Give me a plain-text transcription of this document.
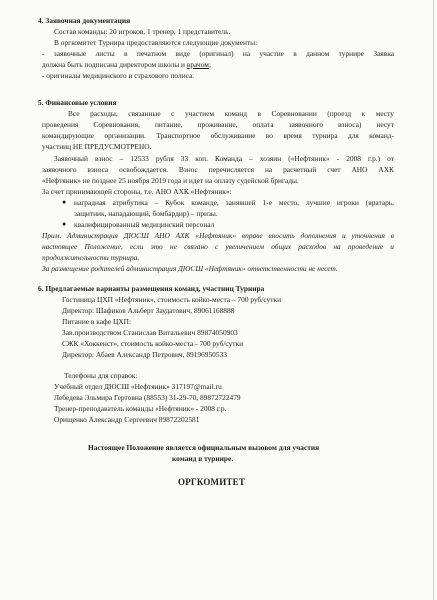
4. Заявочная документация
Состав команды: 20 игроков, 1 тренер, 1 представитель.
В оргкомитет Турнира предоставляются следующие документы:
- заявочные листы в печатном виде (оригинал) на участие в данном турнире Заявка
должна быть подписана директором школы и врачом;
- оригиналы медицинского и страхового полиса.
5. Финансовые условия
Все расходы, связанные с участием команд в Соревновании (проезд к месту
проведения Соревнования, питание, проживание, оплата заявочного взноса) несут
командирующие организации. Транспортное обслуживание во время турнира для команд-
участниц НЕ ПРЕДУСМОТРЕНО.
Заявочный взнос – 12533 рубля 33 коп. Команда – хозяин («Нефтяник» - 2008 г.р.) от
заявочного взноса освобождается. Взнос перечисляется на расчетный счет АНО АХК
«Нефтяник» не позднее 25 ноября 2019 года и идет на оплату судейской бригады.
За счет принимающей стороны, т.е. АНО АХК «Нефтяник»:
● наградная атрибутика – Кубок команде, занявшей 1-е место, лучшие игроки (вратарь,
защитник, нападающий, бомбардир) – призы.
● квалифицированный медицинский персонал
Прим. Администрация ДЮСШ АНО АХК «Нефтяник» вправе вносить дополнения и уточнения в
настоящее Положение, если это не связано с увеличением общих расходов на проведение и
продолжительности турнира.
За размещение родителей администрация ДЮСШ «Нефтяник» ответственности не несет.
6. Предлагаемые варианты размещения команд, участниц Турнира
Гостиница ЦХП «Нефтяник», стоимость койко-места – 700 руб/сутки
Директор: Шафиков Альберт Заудатович, 89061168888
Питание в кафе ЦХП:
Зав.производством Станислав Витальевич 89874050903
СЖК «Хоккенст», стоимость койко-места - 700 руб/сутки
Директор: Абаев Александр Петрович, 89196950533
Телефоны для справок:
Учебный отдел ДЮСШ «Нефтяник» 317197@mail.ru
Лебедева Эльмира Гертовна (88553) 31-29-70, 89872722479
Тренер-преподаватель команды «Нефтяник» - 2008 г.р.
Орищенко Александр Сергеевич 89872202581
Настоящее Положение является официальным вызовом для участия
команд в турнире.
ОРГКОМИТЕТ
